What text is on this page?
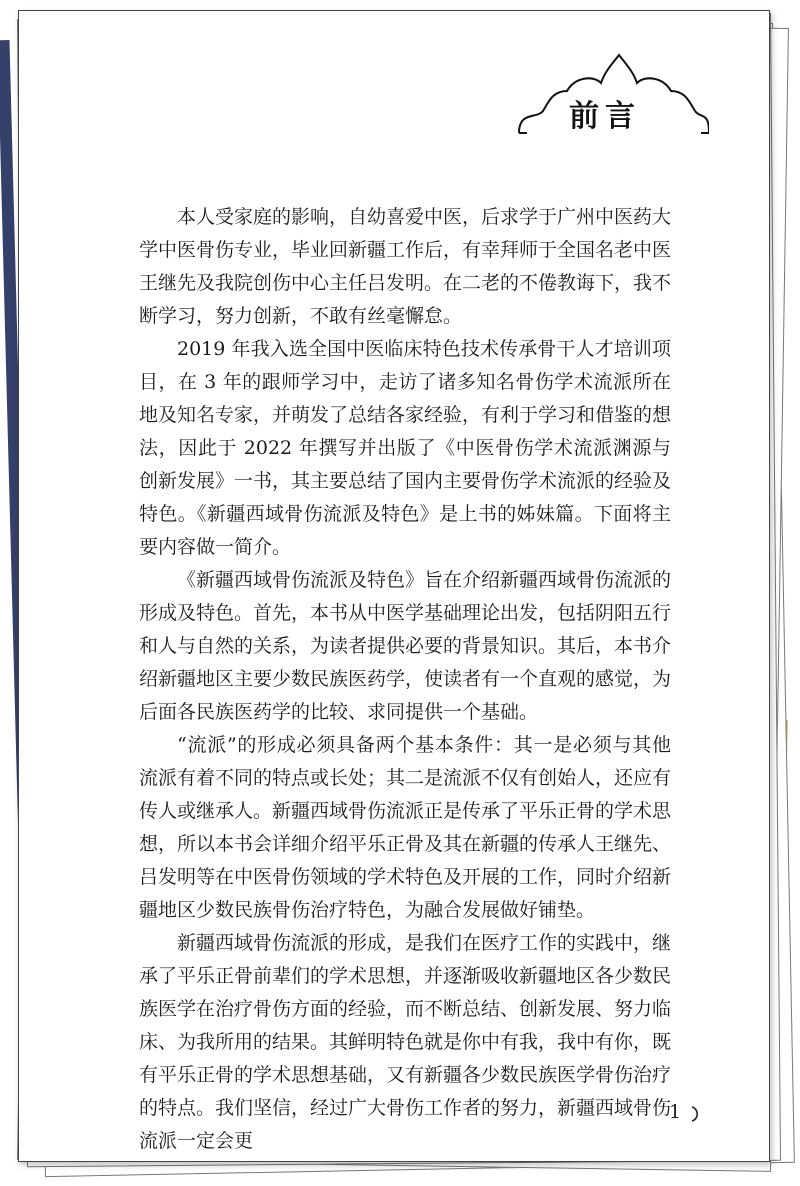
前言

本人受家庭的影响，自幼喜爱中医，后求学于广州中医药大学中医骨伤专业，毕业回新疆工作后，有幸拜师于全国名老中医王继先及我院创伤中心主任吕发明。在二老的不倦教诲下，我不断学习，努力创新，不敢有丝毫懈怠。

2019 年我入选全国中医临床特色技术传承骨干人才培训项目，在 3 年的跟师学习中，走访了诸多知名骨伤学术流派所在地及知名专家，并萌发了总结各家经验，有利于学习和借鉴的想法，因此于 2022 年撰写并出版了《中医骨伤学术流派渊源与创新发展》一书，其主要总结了国内主要骨伤学术流派的经验及特色。《新疆西域骨伤流派及特色》是上书的姊妹篇。下面将主要内容做一简介。

《新疆西域骨伤流派及特色》旨在介绍新疆西域骨伤流派的形成及特色。首先，本书从中医学基础理论出发，包括阴阳五行和人与自然的关系，为读者提供必要的背景知识。其后，本书介绍新疆地区主要少数民族医药学，使读者有一个直观的感觉，为后面各民族医药学的比较、求同提供一个基础。

“流派”的形成必须具备两个基本条件：其一是必须与其他流派有着不同的特点或长处；其二是流派不仅有创始人，还应有传人或继承人。新疆西域骨伤流派正是传承了平乐正骨的学术思想，所以本书会详细介绍平乐正骨及其在新疆的传承人王继先、吕发明等在中医骨伤领域的学术特色及开展的工作，同时介绍新疆地区少数民族骨伤治疗特色，为融合发展做好铺垫。

新疆西域骨伤流派的形成，是我们在医疗工作的实践中，继承了平乐正骨前辈们的学术思想，并逐渐吸收新疆地区各少数民族医学在治疗骨伤方面的经验，而不断总结、创新发展、努力临床、为我所用的结果。其鲜明特色就是你中有我，我中有你，既有平乐正骨的学术思想基础，又有新疆各少数民族医学骨伤治疗的特点。我们坚信，经过广大骨伤工作者的努力，新疆西域骨伤流派一定会更

1
